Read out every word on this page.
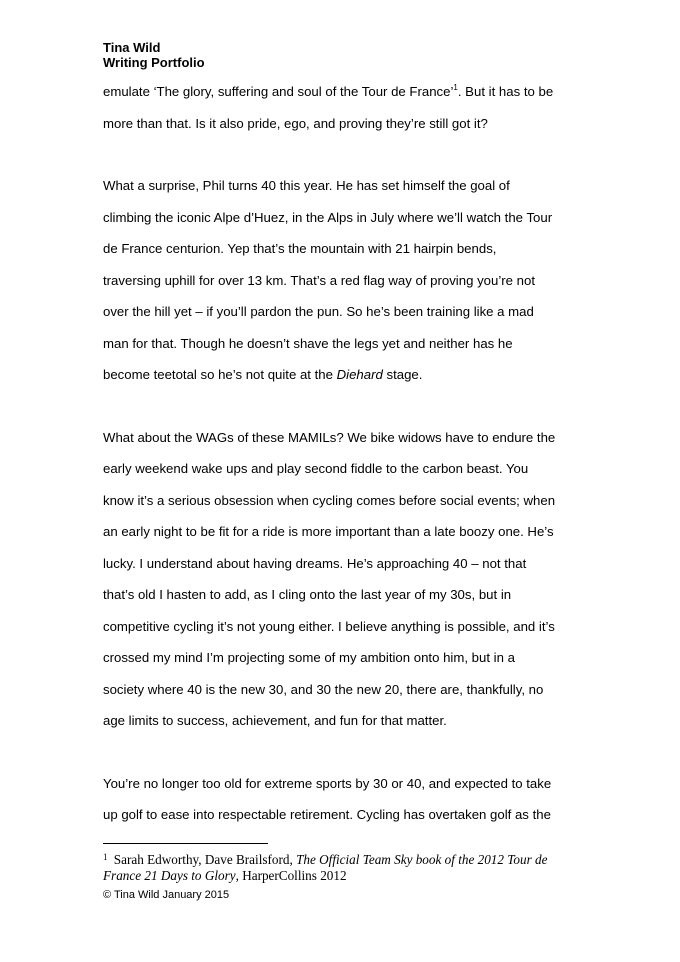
Tina Wild
Writing Portfolio
emulate ‘The glory, suffering and soul of the Tour de France’$^1$. But it has to be
more than that. Is it also pride, ego, and proving they’re still got it?
What a surprise, Phil turns 40 this year. He has set himself the goal of
climbing the iconic Alpe d’Huez, in the Alps in July where we’ll watch the Tour
de France centurion. Yep that’s the mountain with 21 hairpin bends,
traversing uphill for over 13 km. That’s a red flag way of proving you’re not
over the hill yet – if you’ll pardon the pun. So he’s been training like a mad
man for that. Though he doesn’t shave the legs yet and neither has he
become teetotal so he’s not quite at the Diehard stage.
What about the WAGs of these MAMILs? We bike widows have to endure the
early weekend wake ups and play second fiddle to the carbon beast. You
know it’s a serious obsession when cycling comes before social events; when
an early night to be fit for a ride is more important than a late boozy one. He’s
lucky. I understand about having dreams. He’s approaching 40 – not that
that’s old I hasten to add, as I cling onto the last year of my 30s, but in
competitive cycling it’s not young either. I believe anything is possible, and it’s
crossed my mind I’m projecting some of my ambition onto him, but in a
society where 40 is the new 30, and 30 the new 20, there are, thankfully, no
age limits to success, achievement, and fun for that matter.
You’re no longer too old for extreme sports by 30 or 40, and expected to take
up golf to ease into respectable retirement. Cycling has overtaken golf as the
$^1$ Sarah Edworthy, Dave Brailsford, The Official Team Sky book of the 2012 Tour de France 21 Days to Glory, HarperCollins 2012
© Tina Wild January 2015
